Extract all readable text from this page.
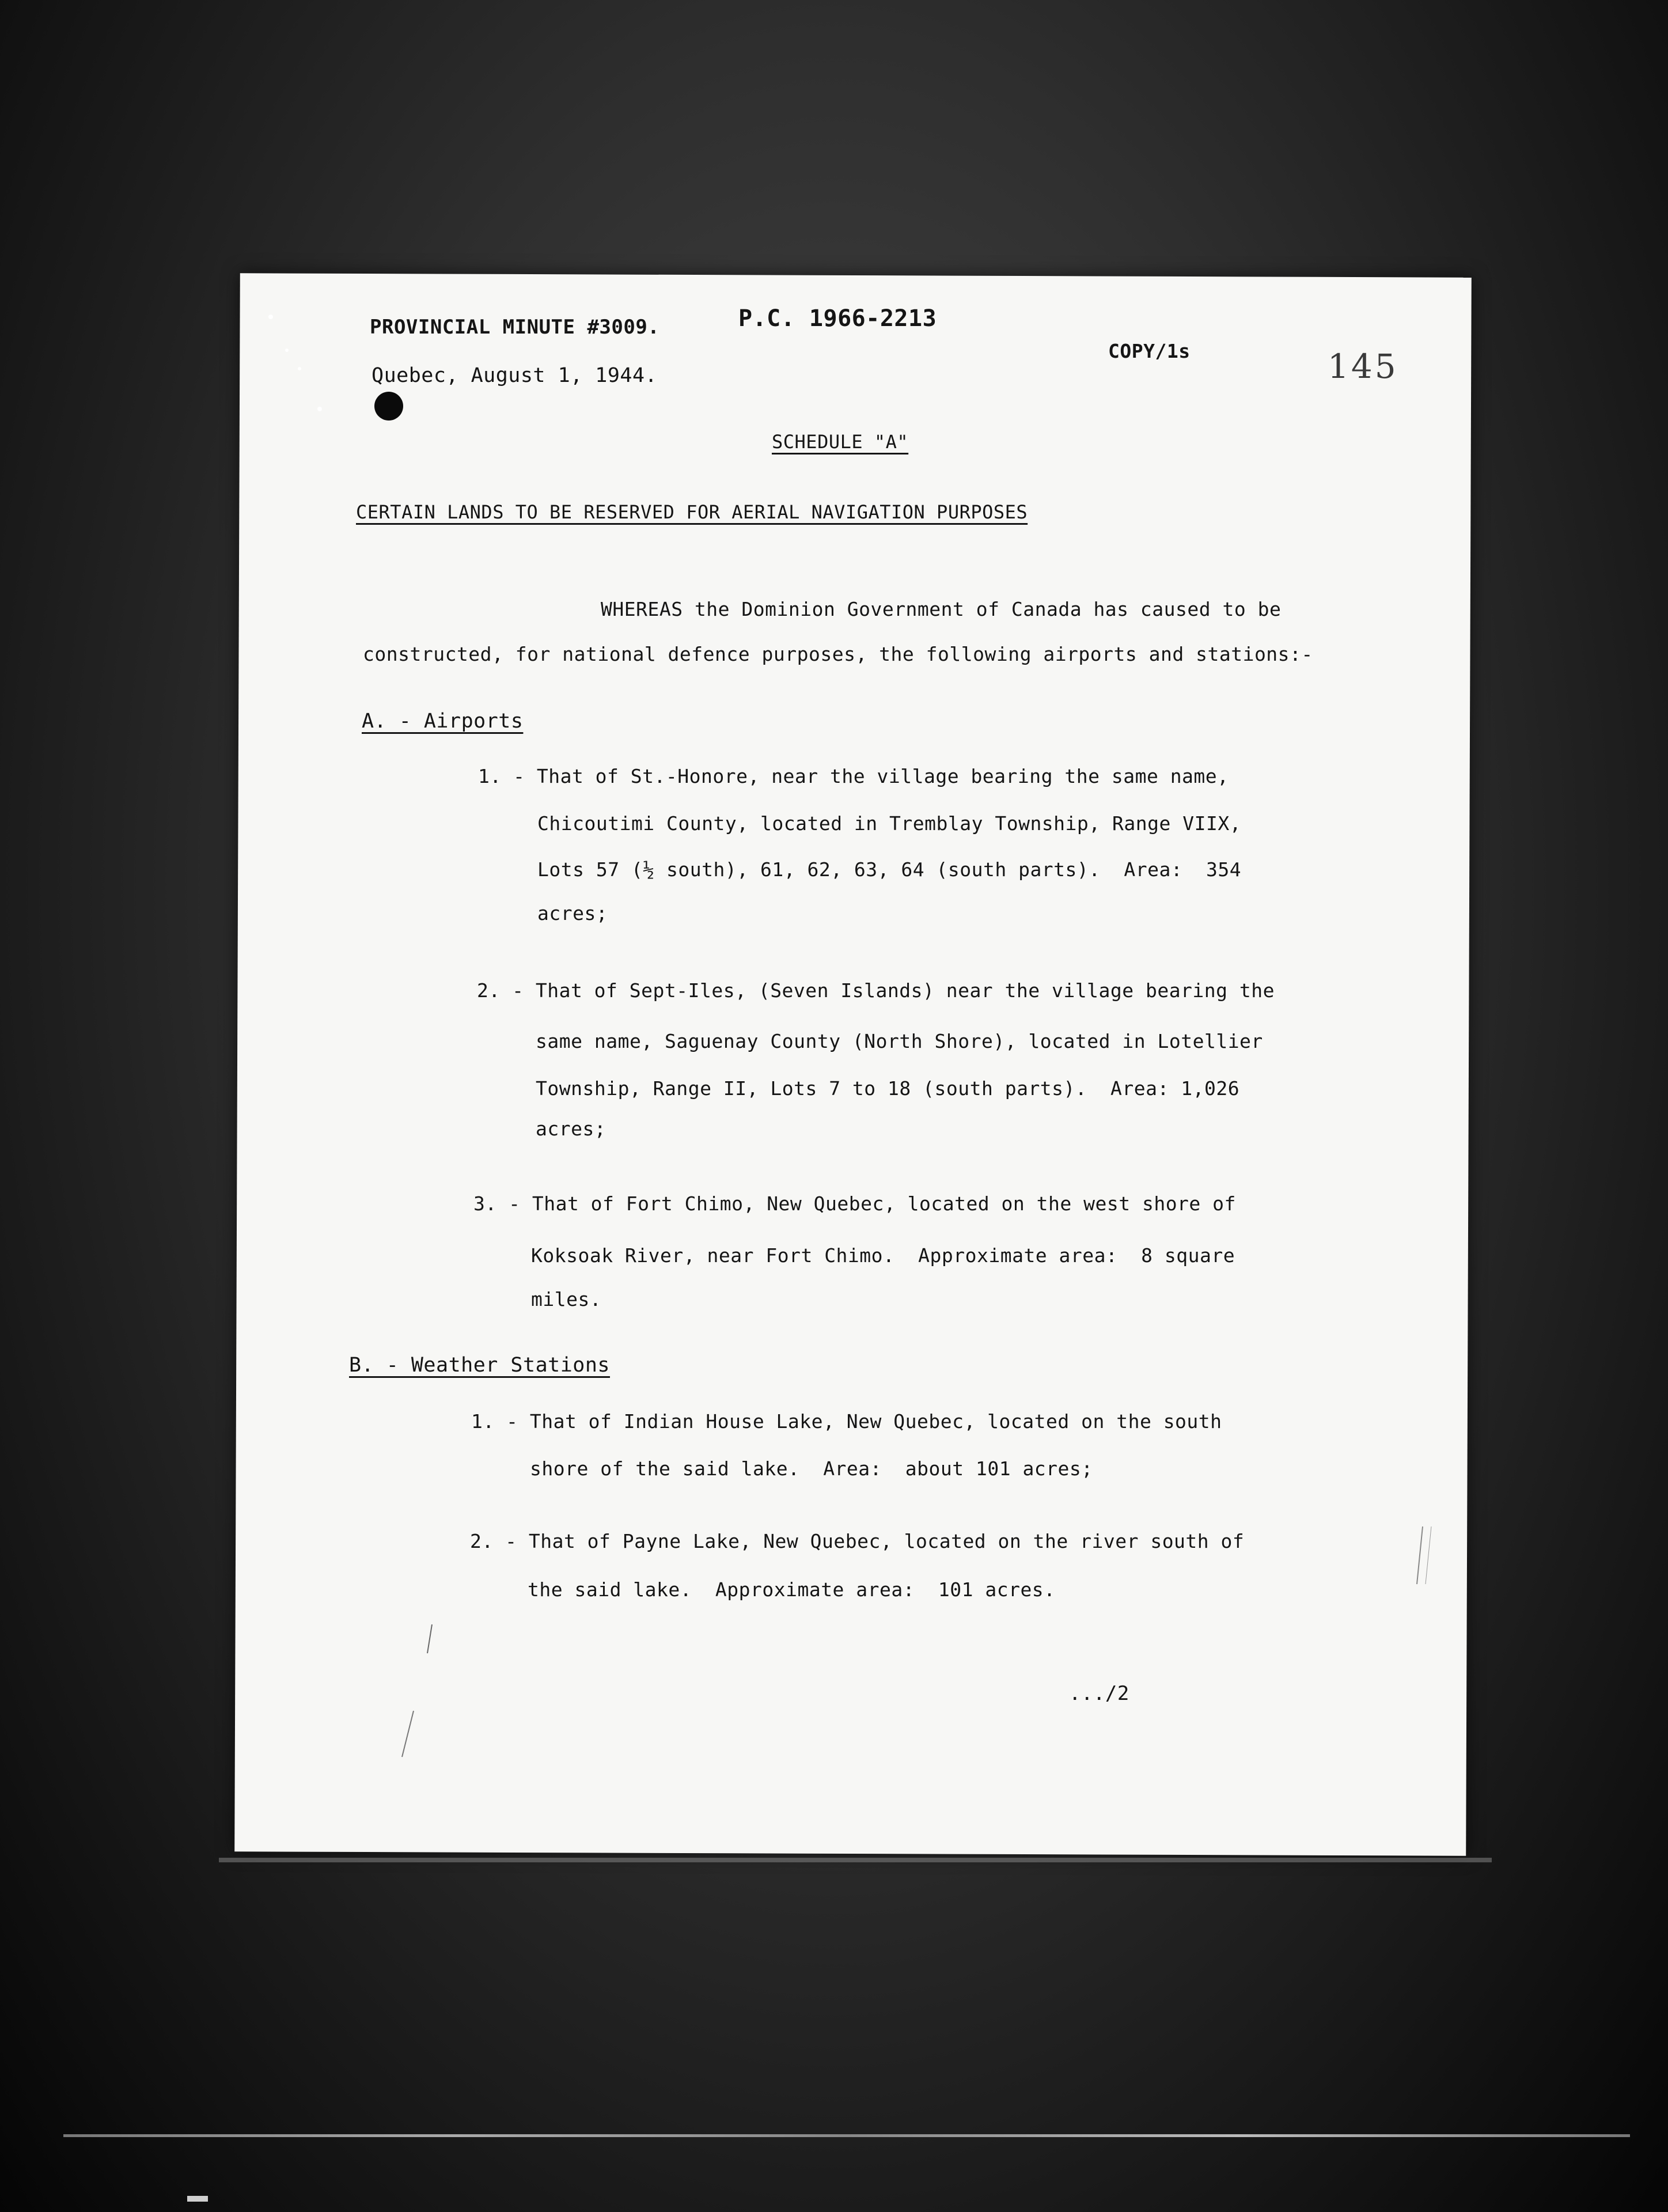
PROVINCIAL MINUTE #3009.	P.C. 1966-2213
COPY/1s
Quebec, August 1, 1944.	145
SCHEDULE "A"
CERTAIN LANDS TO BE RESERVED FOR AERIAL NAVIGATION PURPOSES
WHEREAS the Dominion Government of Canada has caused to be
constructed, for national defence purposes, the following airports and stations:-
A. - Airports
1. - That of St.-Honore, near the village bearing the same name,
Chicoutimi County, located in Tremblay Township, Range VIIX,
Lots 57 (½ south), 61, 62, 63, 64 (south parts).  Area:  354
acres;
2. - That of Sept-Iles, (Seven Islands) near the village bearing the
same name, Saguenay County (North Shore), located in Lotellier
Township, Range II, Lots 7 to 18 (south parts).  Area: 1,026
acres;
3. - That of Fort Chimo, New Quebec, located on the west shore of
Koksoak River, near Fort Chimo.  Approximate area:  8 square
miles.
B. - Weather Stations
1. - That of Indian House Lake, New Quebec, located on the south
shore of the said lake.  Area:  about 101 acres;
2. - That of Payne Lake, New Quebec, located on the river south of
the said lake.  Approximate area:  101 acres.
.../2
